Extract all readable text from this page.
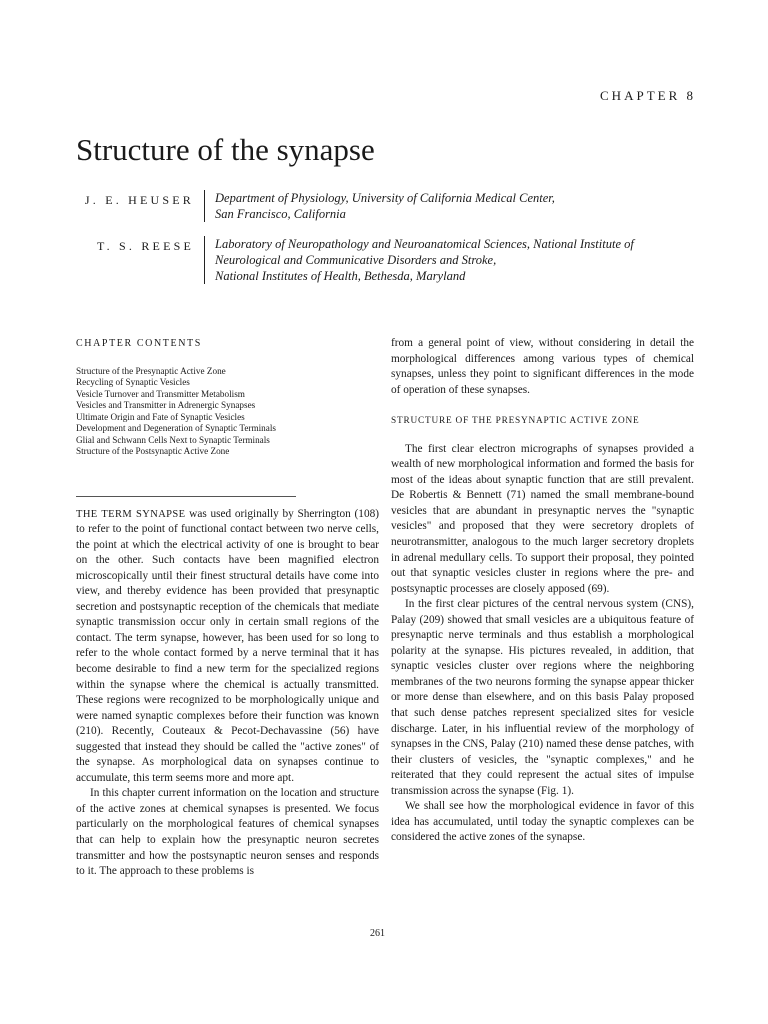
CHAPTER 8
Structure of the synapse
J. E. HEUSER	Department of Physiology, University of California Medical Center,
San Francisco, California
T. S. REESE	Laboratory of Neuropathology and Neuroanatomical Sciences, National Institute of
Neurological and Communicative Disorders and Stroke,
National Institutes of Health, Bethesda, Maryland
CHAPTER CONTENTS
Structure of the Presynaptic Active Zone
Recycling of Synaptic Vesicles
Vesicle Turnover and Transmitter Metabolism
Vesicles and Transmitter in Adrenergic Synapses
Ultimate Origin and Fate of Synaptic Vesicles
Development and Degeneration of Synaptic Terminals
Glial and Schwann Cells Next to Synaptic Terminals
Structure of the Postsynaptic Active Zone

THE TERM SYNAPSE was used originally by Sherrington (108) to refer to the point of functional contact between two nerve cells, the point at which the electrical activity of one is brought to bear on the other. Such contacts have been magnified electron microscopically until their finest structural details have come into view, and thereby evidence has been provided that presynaptic secretion and postsynaptic reception of the chemicals that mediate synaptic transmission occur only in certain small regions of the contact. The term synapse, however, has been used for so long to refer to the whole contact formed by a nerve terminal that it has become desirable to find a new term for the specialized regions within the synapse where the chemical is actually transmitted. These regions were recognized to be morphologically unique and were named synaptic complexes before their function was known (210). Recently, Couteaux & Pecot-Dechavassine (56) have suggested that instead they should be called the "active zones" of the synapse. As morphological data on synapses continue to accumulate, this term seems more and more apt.

In this chapter current information on the location and structure of the active zones at chemical synapses is presented. We focus particularly on the morphological features of chemical synapses that can help to explain how the presynaptic neuron secretes transmitter and how the postsynaptic neuron senses and responds to it. The approach to these problems is

from a general point of view, without considering in detail the morphological differences among various types of chemical synapses, unless they point to significant differences in the mode of operation of these synapses.

STRUCTURE OF THE PRESYNAPTIC ACTIVE ZONE

The first clear electron micrographs of synapses provided a wealth of new morphological information and formed the basis for most of the ideas about synaptic function that are still prevalent. De Robertis & Bennett (71) named the small membrane-bound vesicles that are abundant in presynaptic nerves the "synaptic vesicles" and proposed that they were secretory droplets of neurotransmitter, analogous to the much larger secretory droplets in adrenal medullary cells. To support their proposal, they pointed out that synaptic vesicles cluster in regions where the pre- and postsynaptic processes are closely apposed (69).

In the first clear pictures of the central nervous system (CNS), Palay (209) showed that small vesicles are a ubiquitous feature of presynaptic nerve terminals and thus establish a morphological polarity at the synapse. His pictures revealed, in addition, that synaptic vesicles cluster over regions where the neighboring membranes of the two neurons forming the synapse appear thicker or more dense than elsewhere, and on this basis Palay proposed that such dense patches represent specialized sites for vesicle discharge. Later, in his influential review of the morphology of synapses in the CNS, Palay (210) named these dense patches, with their clusters of vesicles, the "synaptic complexes," and he reiterated that they could represent the actual sites of impulse transmission across the synapse (Fig. 1).

We shall see how the morphological evidence in favor of this idea has accumulated, until today the synaptic complexes can be considered the active zones of the synapse.

261
